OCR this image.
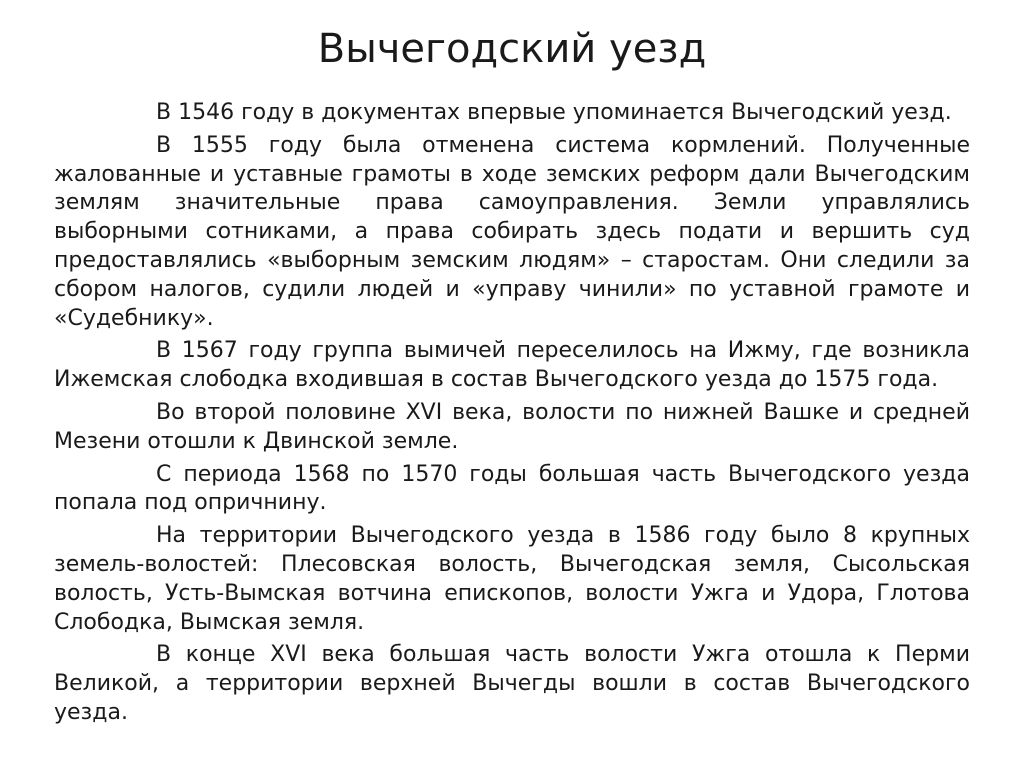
Вычегодский уезд

В 1546 году в документах впервые упоминается Вычегодский уезд.

В 1555 году была отменена система кормлений. Полученные жалованные и уставные грамоты в ходе земских реформ дали Вычегодским землям значительные права самоуправления. Земли управлялись выборными сотниками, а права собирать здесь подати и вершить суд предоставлялись «выборным земским людям» – старостам. Они следили за сбором налогов, судили людей и «управу чинили» по уставной грамоте и «Судебнику».

В 1567 году группа вымичей переселилось на Ижму, где возникла Ижемская слободка входившая в состав Вычегодского уезда до 1575 года.

Во второй половине XVI века, волости по нижней Вашке и средней Мезени отошли к Двинской земле.

С периода 1568 по 1570 годы большая часть Вычегодского уезда попала под опричнину.

На территории Вычегодского уезда в 1586 году было 8 крупных земель-волостей: Плесовская волость, Вычегодская земля, Сысольская волость, Усть-Вымская вотчина епископов, волости Ужга и Удора, Глотова Слободка, Вымская земля.

В конце XVI века большая часть волости Ужга отошла к Перми Великой, а территории верхней Вычегды вошли в состав Вычегодского уезда.
